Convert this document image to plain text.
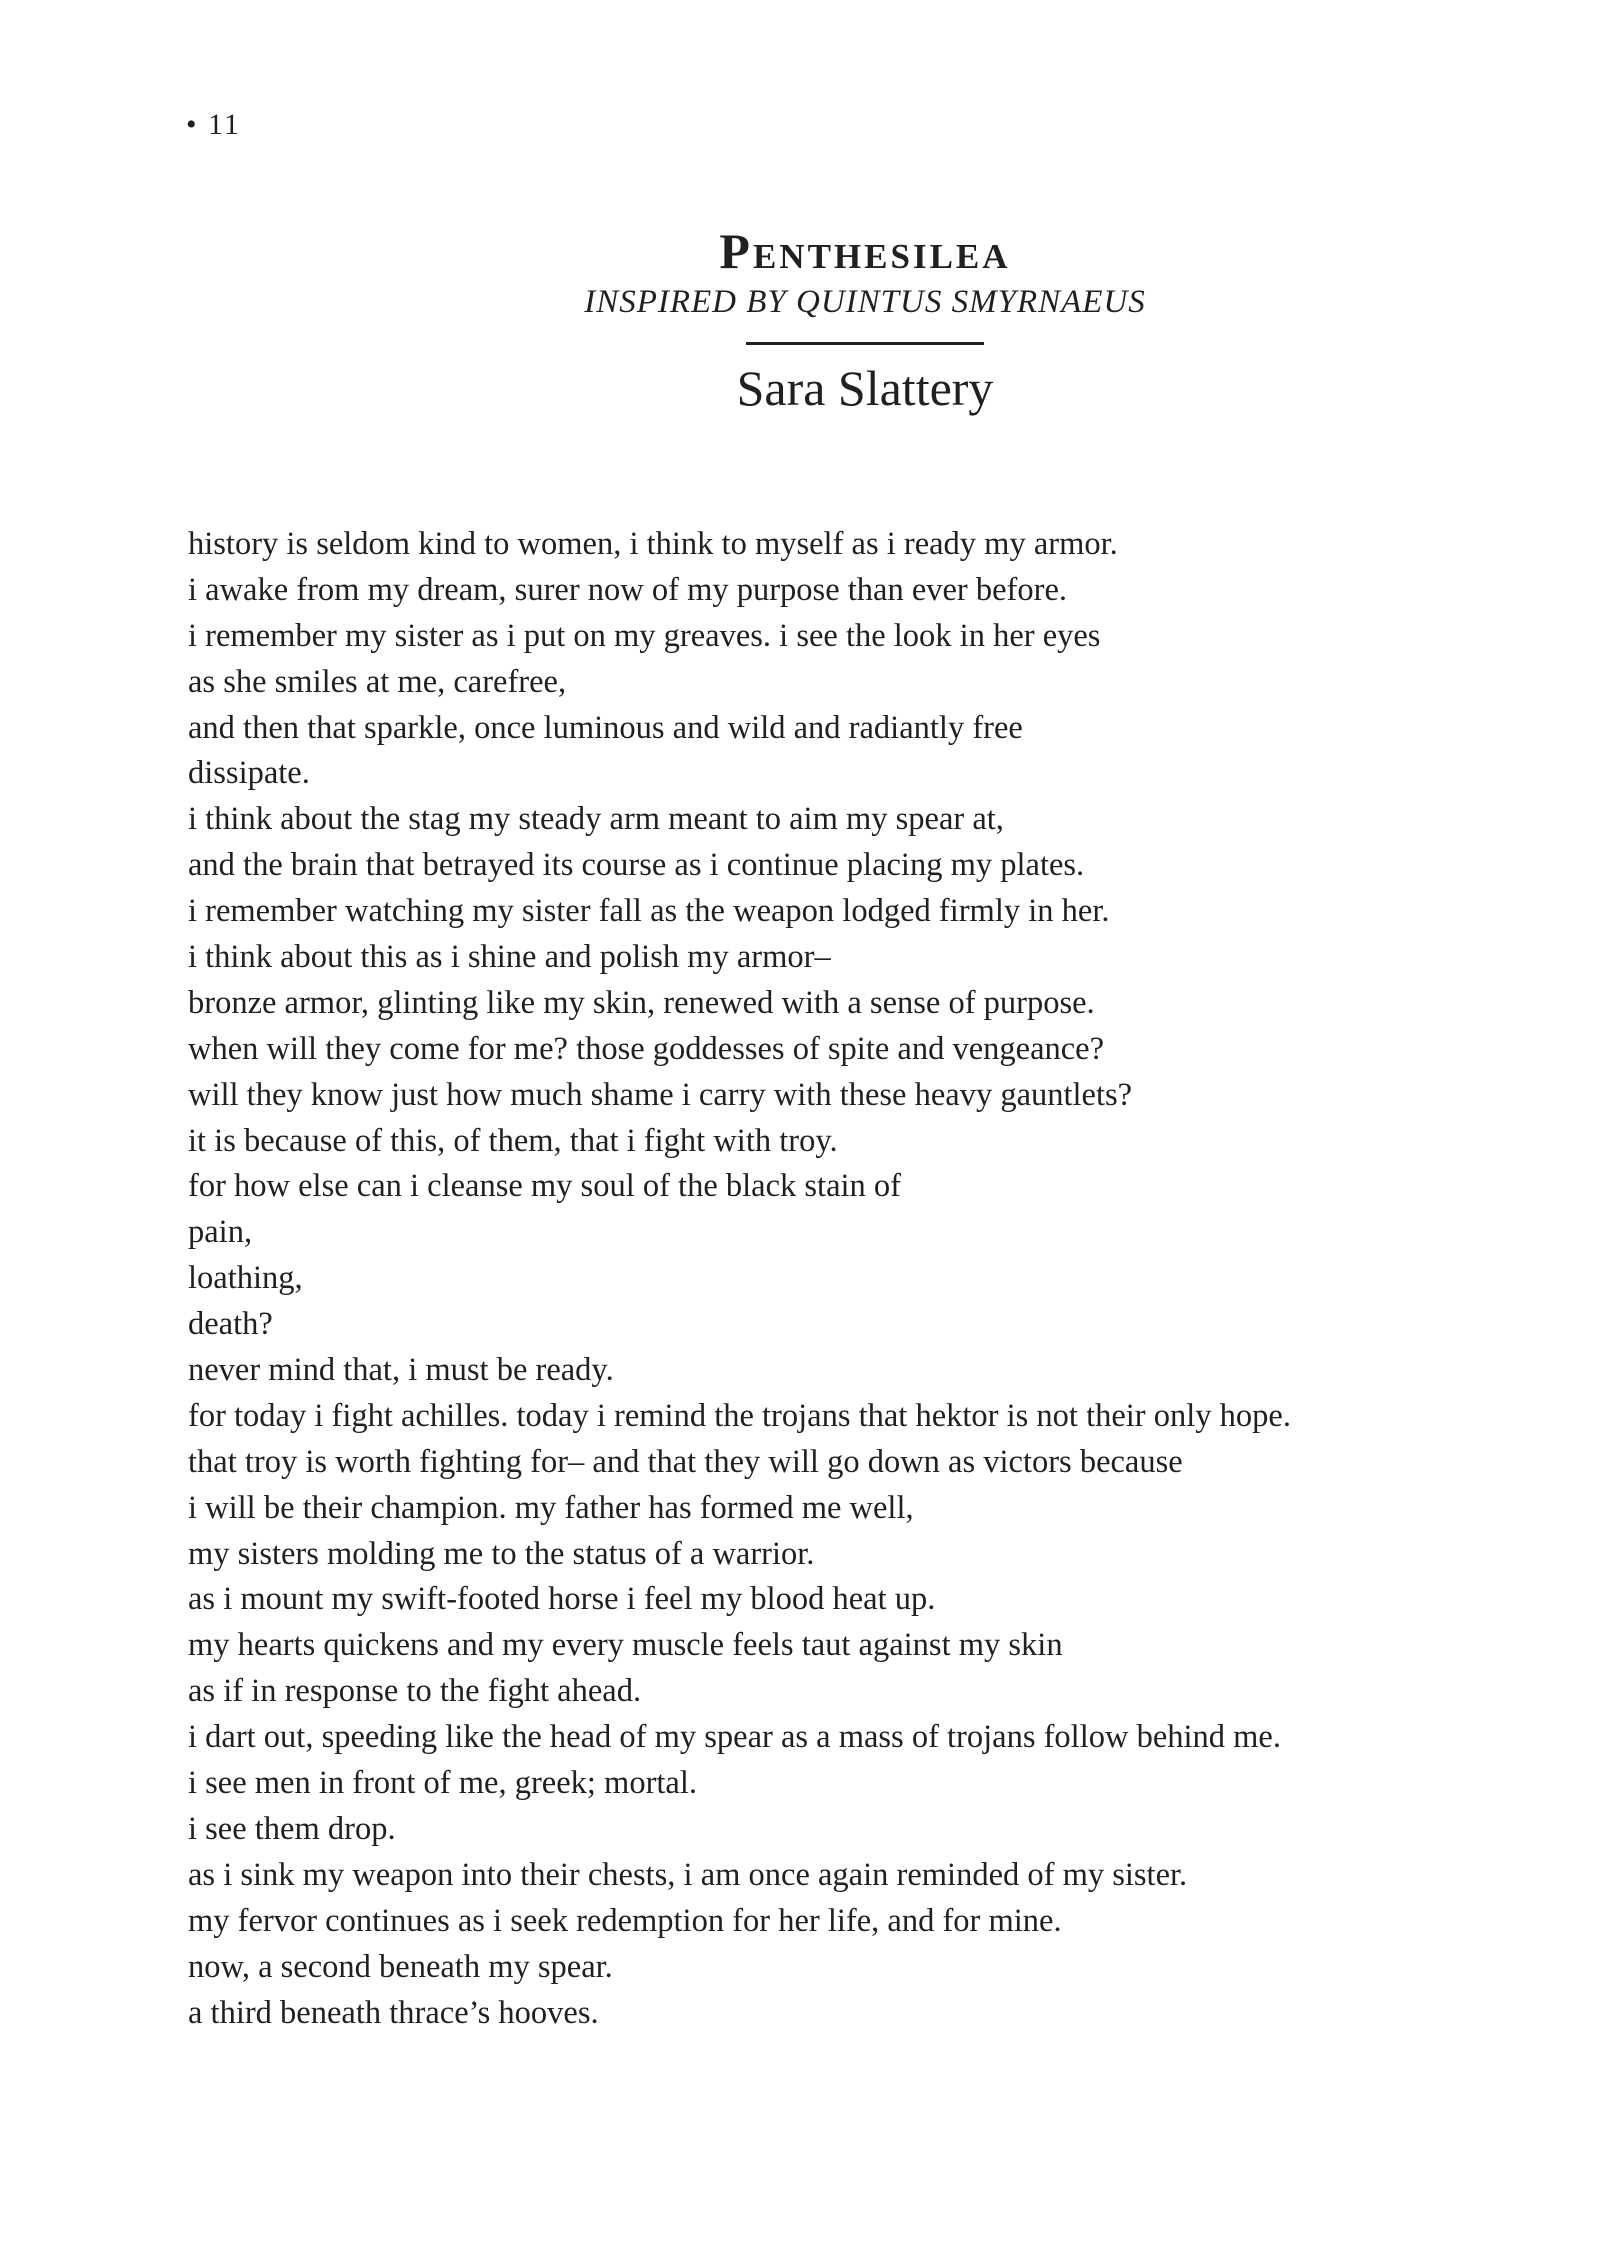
• 11
Penthesilea
INSPIRED BY QUINTUS SMYRNAEUS
Sara Slattery
history is seldom kind to women, i think to myself as i ready my armor.
i awake from my dream, surer now of my purpose than ever before.
i remember my sister as i put on my greaves. i see the look in her eyes
as she smiles at me, carefree,
and then that sparkle, once luminous and wild and radiantly free
dissipate.
i think about the stag my steady arm meant to aim my spear at,
and the brain that betrayed its course as i continue placing my plates.
i remember watching my sister fall as the weapon lodged firmly in her.
i think about this as i shine and polish my armor–
bronze armor, glinting like my skin, renewed with a sense of purpose.
when will they come for me? those goddesses of spite and vengeance?
will they know just how much shame i carry with these heavy gauntlets?
it is because of this, of them, that i fight with troy.
for how else can i cleanse my soul of the black stain of
pain,
loathing,
death?
never mind that, i must be ready.
for today i fight achilles. today i remind the trojans that hektor is not their only hope.
that troy is worth fighting for– and that they will go down as victors because
i will be their champion. my father has formed me well,
my sisters molding me to the status of a warrior.
as i mount my swift-footed horse i feel my blood heat up.
my hearts quickens and my every muscle feels taut against my skin
as if in response to the fight ahead.
i dart out, speeding like the head of my spear as a mass of trojans follow behind me.
i see men in front of me, greek; mortal.
i see them drop.
as i sink my weapon into their chests, i am once again reminded of my sister.
my fervor continues as i seek redemption for her life, and for mine.
now, a second beneath my spear.
a third beneath thrace’s hooves.
